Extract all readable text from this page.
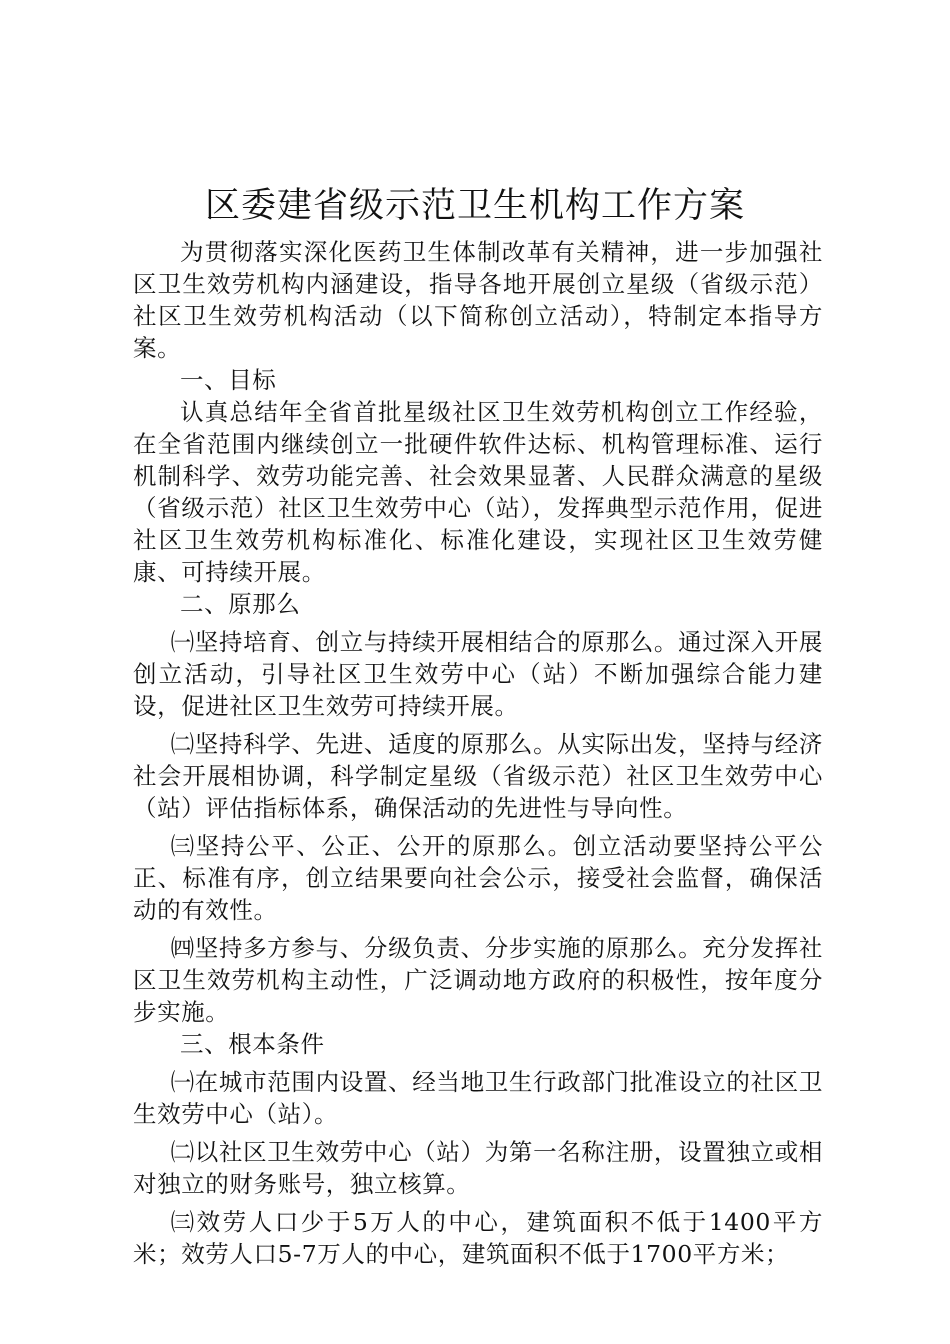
区委建省级示范卫生机构工作方案

为贯彻落实深化医药卫生体制改革有关精神，进一步加强社区卫生效劳机构内涵建设，指导各地开展创立星级（省级示范）社区卫生效劳机构活动（以下简称创立活动），特制定本指导方案。

一、目标

认真总结年全省首批星级社区卫生效劳机构创立工作经验，在全省范围内继续创立一批硬件软件达标、机构管理标准、运行机制科学、效劳功能完善、社会效果显著、人民群众满意的星级（省级示范）社区卫生效劳中心（站），发挥典型示范作用，促进社区卫生效劳机构标准化、标准化建设，实现社区卫生效劳健康、可持续开展。

二、原那么

㈠坚持培育、创立与持续开展相结合的原那么。通过深入开展创立活动，引导社区卫生效劳中心（站）不断加强综合能力建设，促进社区卫生效劳可持续开展。

㈡坚持科学、先进、适度的原那么。从实际出发，坚持与经济社会开展相协调，科学制定星级（省级示范）社区卫生效劳中心（站）评估指标体系，确保活动的先进性与导向性。

㈢坚持公平、公正、公开的原那么。创立活动要坚持公平公正、标准有序，创立结果要向社会公示，接受社会监督，确保活动的有效性。

㈣坚持多方参与、分级负责、分步实施的原那么。充分发挥社区卫生效劳机构主动性，广泛调动地方政府的积极性，按年度分步实施。

三、根本条件

㈠在城市范围内设置、经当地卫生行政部门批准设立的社区卫生效劳中心（站）。

㈡以社区卫生效劳中心（站）为第一名称注册，设置独立或相对独立的财务账号，独立核算。

㈢效劳人口少于5万人的中心，建筑面积不低于1400平方米；效劳人口5-7万人的中心，建筑面积不低于1700平方米；
